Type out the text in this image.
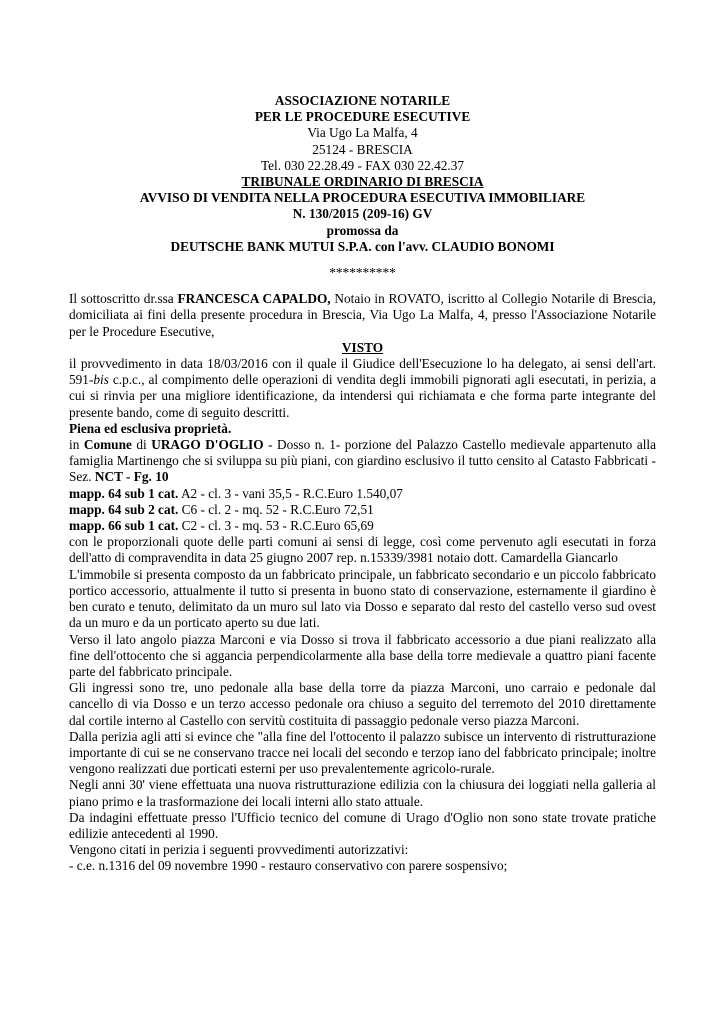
ASSOCIAZIONE NOTARILE
PER LE PROCEDURE ESECUTIVE
Via Ugo La Malfa, 4
25124 - BRESCIA
Tel. 030 22.28.49 - FAX 030 22.42.37
TRIBUNALE ORDINARIO DI BRESCIA
AVVISO DI VENDITA NELLA PROCEDURA ESECUTIVA IMMOBILIARE
N. 130/2015 (209-16) GV
promossa da
DEUTSCHE BANK MUTUI S.P.A. con l'avv. CLAUDIO BONOMI
**********

Il sottoscritto dr.ssa FRANCESCA CAPALDO, Notaio in ROVATO, iscritto al Collegio Notarile di Brescia, domiciliata ai fini della presente procedura in Brescia, Via Ugo La Malfa, 4, presso l'Associazione Notarile per le Procedure Esecutive,

VISTO

il provvedimento in data 18/03/2016 con il quale il Giudice dell'Esecuzione lo ha delegato, ai sensi dell'art. 591-bis c.p.c., al compimento delle operazioni di vendita degli immobili pignorati agli esecutati, in perizia, a cui si rinvia per una migliore identificazione, da intendersi qui richiamata e che forma parte integrante del presente bando, come di seguito descritti.

Piena ed esclusiva proprietà.

in Comune di URAGO D'OGLIO - Dosso n. 1- porzione del Palazzo Castello medievale appartenuto alla famiglia Martinengo che si sviluppa su più piani, con giardino esclusivo il tutto censito al Catasto Fabbricati - Sez. NCT - Fg. 10

mapp. 64 sub 1 cat. A2 - cl. 3 - vani 35,5 - R.C.Euro 1.540,07

mapp. 64 sub 2 cat. C6 - cl. 2 - mq. 52 - R.C.Euro 72,51

mapp. 66 sub 1 cat. C2 - cl. 3 - mq. 53 - R.C.Euro 65,69

con le proporzionali quote delle parti comuni ai sensi di legge, così come pervenuto agli esecutati in forza dell'atto di compravendita in data 25 giugno 2007 rep. n.15339/3981 notaio dott. Camardella Giancarlo

L'immobile si presenta composto da un fabbricato principale, un fabbricato secondario e un piccolo fabbricato portico accessorio, attualmente il tutto si presenta in buono stato di conservazione, esternamente il giardino è ben curato e tenuto, delimitato da un muro sul lato via Dosso e separato dal resto del castello verso sud ovest da un muro e da un porticato aperto su due lati.

Verso il lato angolo piazza Marconi e via Dosso si trova il fabbricato accessorio a due piani realizzato alla fine dell'ottocento che si aggancia perpendicolarmente alla base della torre medievale a quattro piani facente parte del fabbricato principale.

Gli ingressi sono tre, uno pedonale alla base della torre da piazza Marconi, uno carraio e pedonale dal cancello di via Dosso e un terzo accesso pedonale ora chiuso a seguito del terremoto del 2010 direttamente dal cortile interno al Castello con servitù costituita di passaggio pedonale verso piazza Marconi.

Dalla perizia agli atti si evince che "alla fine del l'ottocento il palazzo subisce un intervento di ristrutturazione importante di cui se ne conservano tracce nei locali del secondo e terzop iano del fabbricato principale; inoltre vengono realizzati due porticati esterni per uso prevalentemente agricolo-rurale.

Negli anni 30' viene effettuata una nuova ristrutturazione edilizia con la chiusura dei loggiati nella galleria al piano primo e la trasformazione dei locali interni allo stato attuale.

Da indagini effettuate presso l'Ufficio tecnico del comune di Urago d'Oglio non sono state trovate pratiche edilizie antecedenti al 1990.

Vengono citati in perizia i seguenti provvedimenti autorizzativi:

- c.e. n.1316 del 09 novembre 1990 - restauro conservativo con parere sospensivo;
